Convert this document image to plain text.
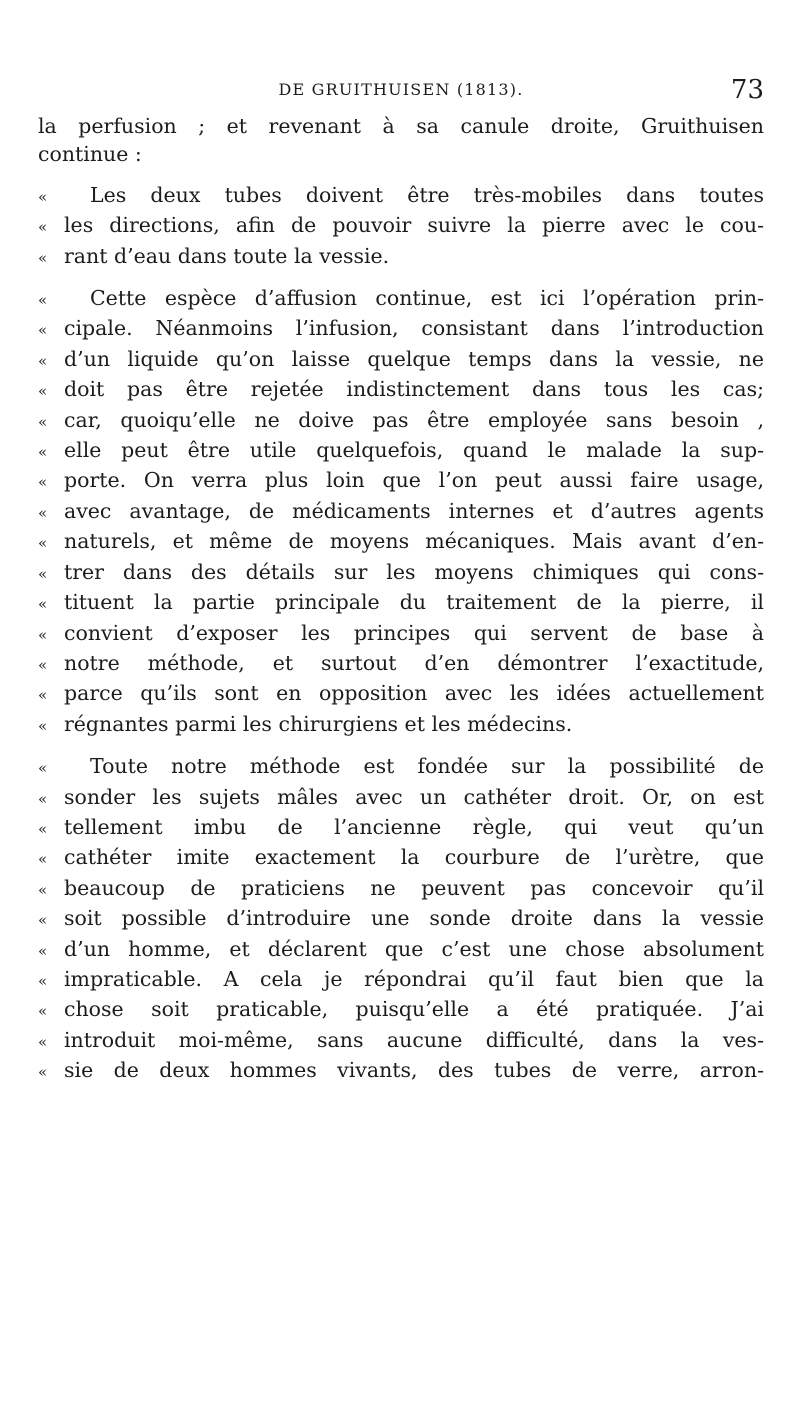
DE GRUITHUISEN (1813).	73
la perfusion ; et revenant à sa canule droite, Gruithuisen
continue :
« Les deux tubes doivent être très-mobiles dans toutes
« les directions, afin de pouvoir suivre la pierre avec le cou-
« rant d’eau dans toute la vessie.
« Cette espèce d’affusion continue, est ici l’opération prin-
« cipale. Néanmoins l’infusion, consistant dans l’introduction
« d’un liquide qu’on laisse quelque temps dans la vessie, ne
« doit pas être rejetée indistinctement dans tous les cas;
« car, quoiqu’elle ne doive pas être employée sans besoin ,
« elle peut être utile quelquefois, quand le malade la sup-
« porte. On verra plus loin que l’on peut aussi faire usage,
« avec avantage, de médicaments internes et d’autres agents
« naturels, et même de moyens mécaniques. Mais avant d’en-
« trer dans des détails sur les moyens chimiques qui cons-
« tituent la partie principale du traitement de la pierre, il
« convient d’exposer les principes qui servent de base à
« notre méthode, et surtout d’en démontrer l’exactitude,
« parce qu’ils sont en opposition avec les idées actuellement
« régnantes parmi les chirurgiens et les médecins.
« Toute notre méthode est fondée sur la possibilité de
« sonder les sujets mâles avec un cathéter droit. Or, on est
« tellement imbu de l’ancienne règle, qui veut qu’un
« cathéter imite exactement la courbure de l’urètre, que
« beaucoup de praticiens ne peuvent pas concevoir qu’il
« soit possible d’introduire une sonde droite dans la vessie
« d’un homme, et déclarent que c’est une chose absolument
« impraticable. A cela je répondrai qu’il faut bien que la
« chose soit praticable, puisqu’elle a été pratiquée. J’ai
« introduit moi-même, sans aucune difficulté, dans la ves-
« sie de deux hommes vivants, des tubes de verre, arron-
